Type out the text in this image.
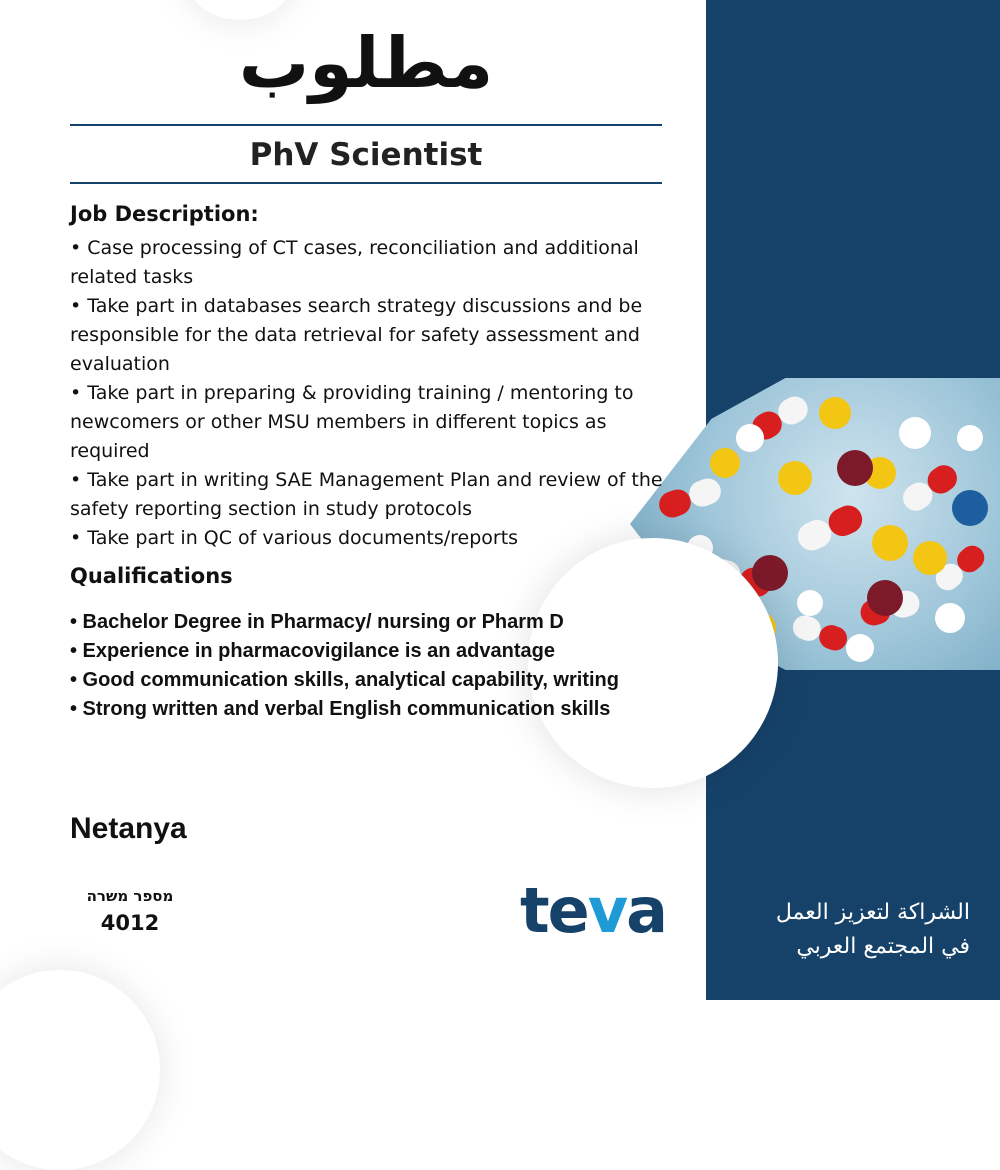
مطلوب
PhV Scientist
Job Description:
• Case processing of CT cases, reconciliation and additional related tasks
• Take part in databases search strategy discussions and be responsible for the data retrieval for safety assessment and evaluation
• Take part in preparing & providing training / mentoring to newcomers or other MSU members in different topics as required
• Take part in writing SAE Management Plan and review of the safety reporting section in study protocols
• Take part in QC of various documents/reports
Qualifications
• Bachelor Degree in Pharmacy/ nursing or Pharm D
• Experience in pharmacovigilance is an advantage
• Good communication skills, analytical capability, writing
• Strong written and verbal English communication skills
Netanya
מספר משרה
4012	teva	الشراكة لتعزيز العمل
في المجتمع العربي
